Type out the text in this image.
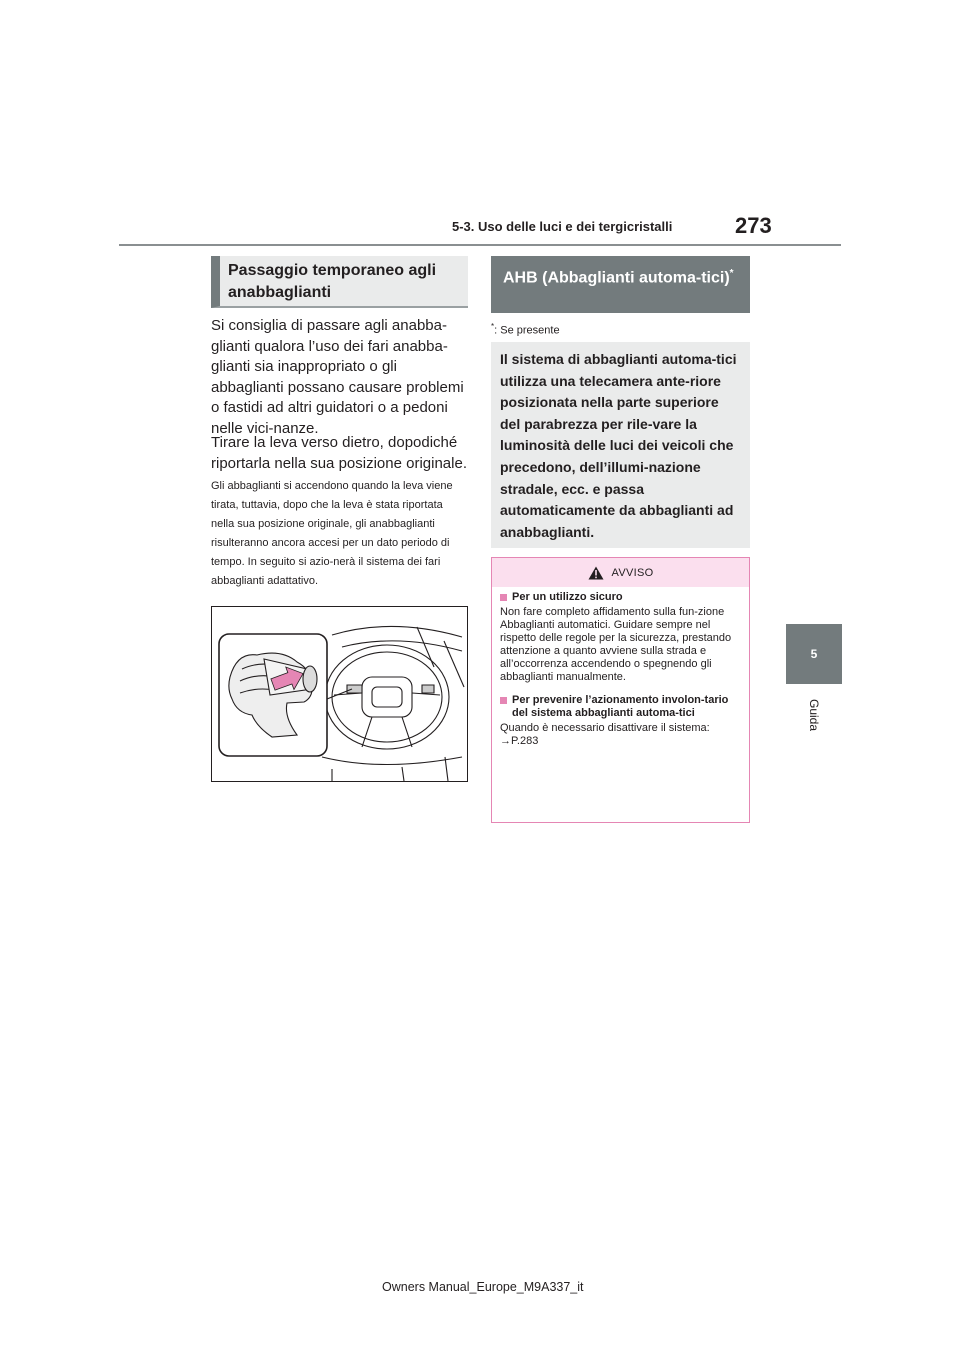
5-3. Uso delle luci e dei tergicristalli	273
5
Guida
Passaggio temporaneo agli anabbaglianti
Si consiglia di passare agli anabba-glianti qualora l’uso dei fari anabba-glianti sia inappropriato o gli abbaglianti possano causare problemi o fastidi ad altri guidatori o a pedoni nelle vici-nanze.
Tirare la leva verso dietro, dopodiché riportarla nella sua posizione originale.
Gli abbaglianti si accendono quando la leva viene tirata, tuttavia, dopo che la leva è stata riportata nella sua posizione originale, gli anabbaglianti risulteranno ancora accesi per un dato periodo di tempo. In seguito si azio-nerà il sistema dei fari abbaglianti adattativo.
AHB (Abbaglianti automa-tici)*
*: Se presente
Il sistema di abbaglianti automa-tici utilizza una telecamera ante-riore posizionata nella parte superiore del parabrezza per rile-vare la luminosità delle luci dei veicoli che precedono, dell’illumi-nazione stradale, ecc. e passa automaticamente da abbaglianti ad anabbaglianti.
AVVISO
Per un utilizzo sicuro
Non fare completo affidamento sulla fun-zione Abbaglianti automatici. Guidare sempre nel rispetto delle regole per la sicurezza, prestando attenzione a quanto avviene sulla strada e all’occorrenza accendendo o spegnendo gli abbaglianti manualmente.
Per prevenire l’azionamento involon-tario del sistema abbaglianti automa-tici
Quando è necessario disattivare il sistema: →P.283
Owners Manual_Europe_M9A337_it
